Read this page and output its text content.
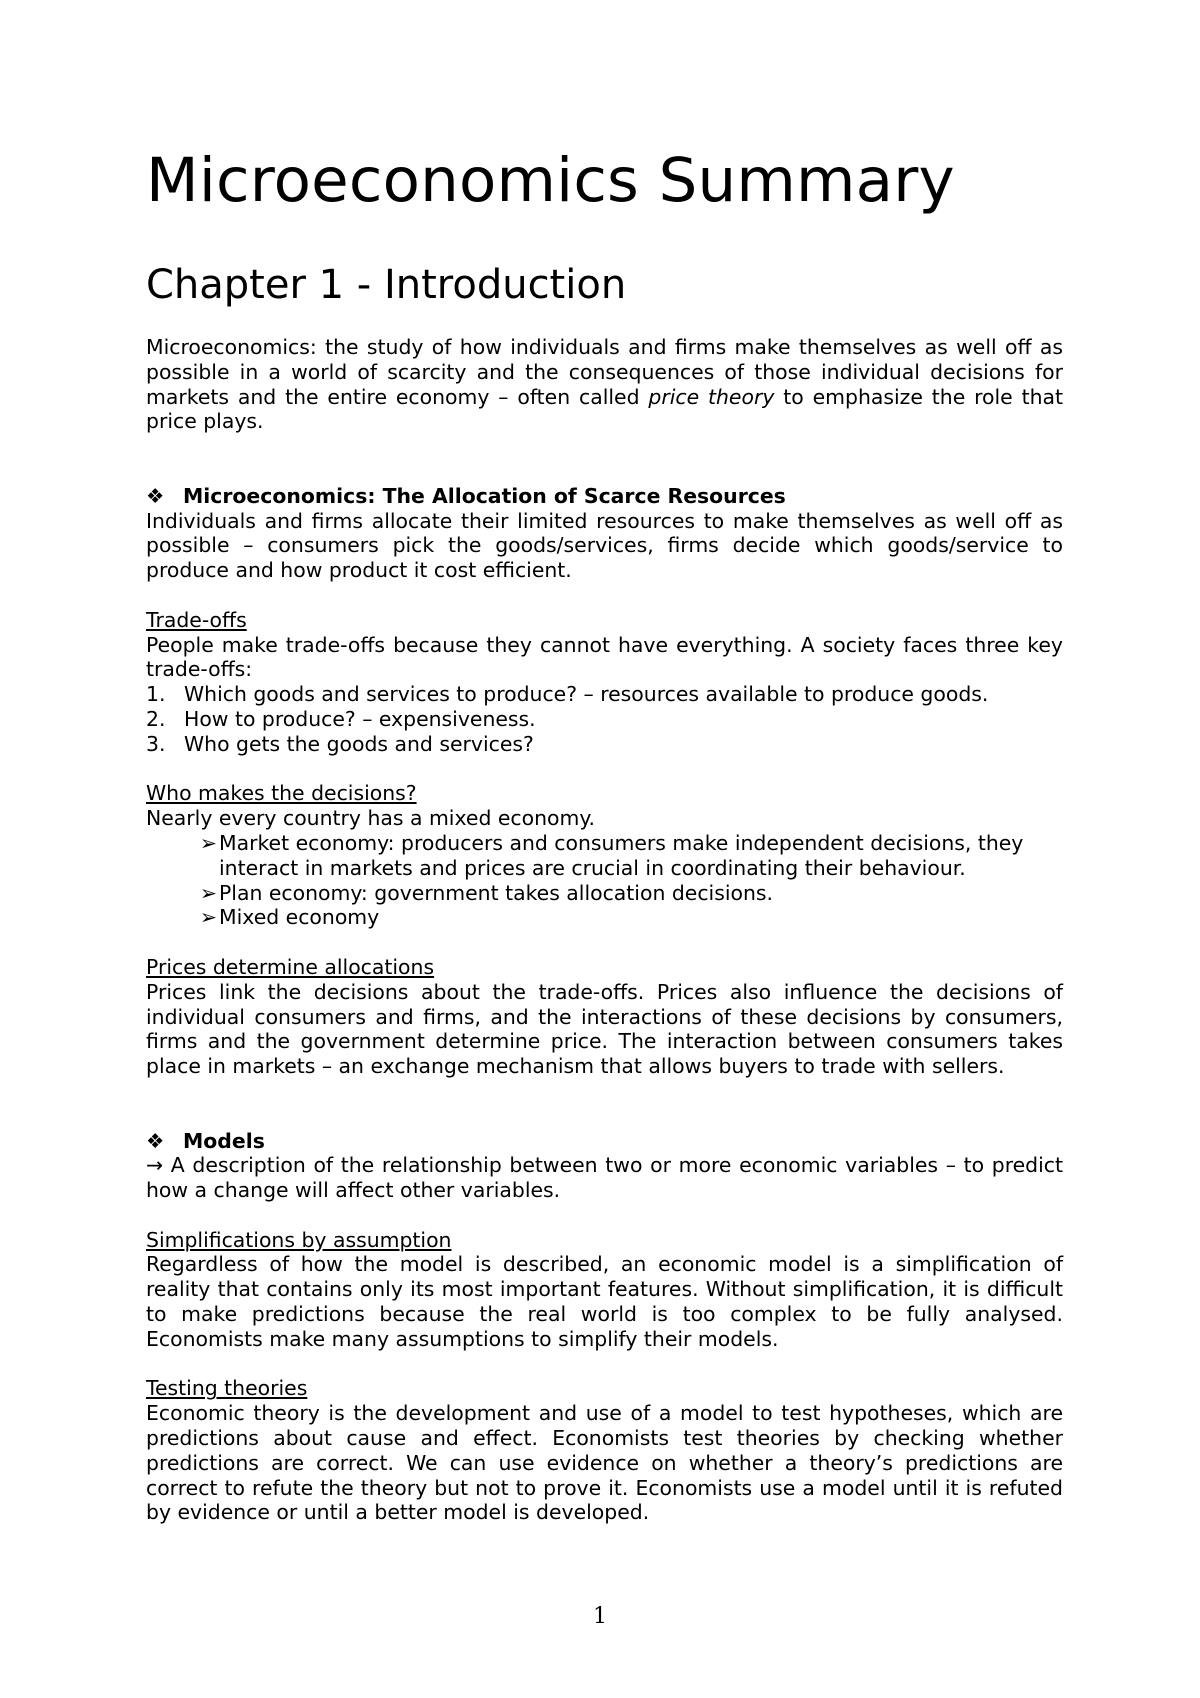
Microeconomics Summary
Chapter 1 - Introduction

Microeconomics: the study of how individuals and firms make themselves as well off as possible in a world of scarcity and the consequences of those individual decisions for markets and the entire economy – often called price theory to emphasize the role that price plays.

❖ Microeconomics: The Allocation of Scarce Resources

Individuals and firms allocate their limited resources to make themselves as well off as possible – consumers pick the goods/services, firms decide which goods/service to produce and how product it cost efficient.

Trade-offs

People make trade-offs because they cannot have everything. A society faces three key trade-offs:

1. Which goods and services to produce? – resources available to produce goods.
2. How to produce? – expensiveness.
3. Who gets the goods and services?

Who makes the decisions?

Nearly every country has a mixed economy.

➢ Market economy: producers and consumers make independent decisions, they interact in markets and prices are crucial in coordinating their behaviour.
➢ Plan economy: government takes allocation decisions.
➢ Mixed economy

Prices determine allocations

Prices link the decisions about the trade-offs. Prices also influence the decisions of individual consumers and firms, and the interactions of these decisions by consumers, firms and the government determine price. The interaction between consumers takes place in markets – an exchange mechanism that allows buyers to trade with sellers.

❖ Models

→ A description of the relationship between two or more economic variables – to predict how a change will affect other variables.

Simplifications by assumption

Regardless of how the model is described, an economic model is a simplification of reality that contains only its most important features. Without simplification, it is difficult to make predictions because the real world is too complex to be fully analysed. Economists make many assumptions to simplify their models.

Testing theories

Economic theory is the development and use of a model to test hypotheses, which are predictions about cause and effect. Economists test theories by checking whether predictions are correct. We can use evidence on whether a theory’s predictions are correct to refute the theory but not to prove it. Economists use a model until it is refuted by evidence or until a better model is developed.

1
